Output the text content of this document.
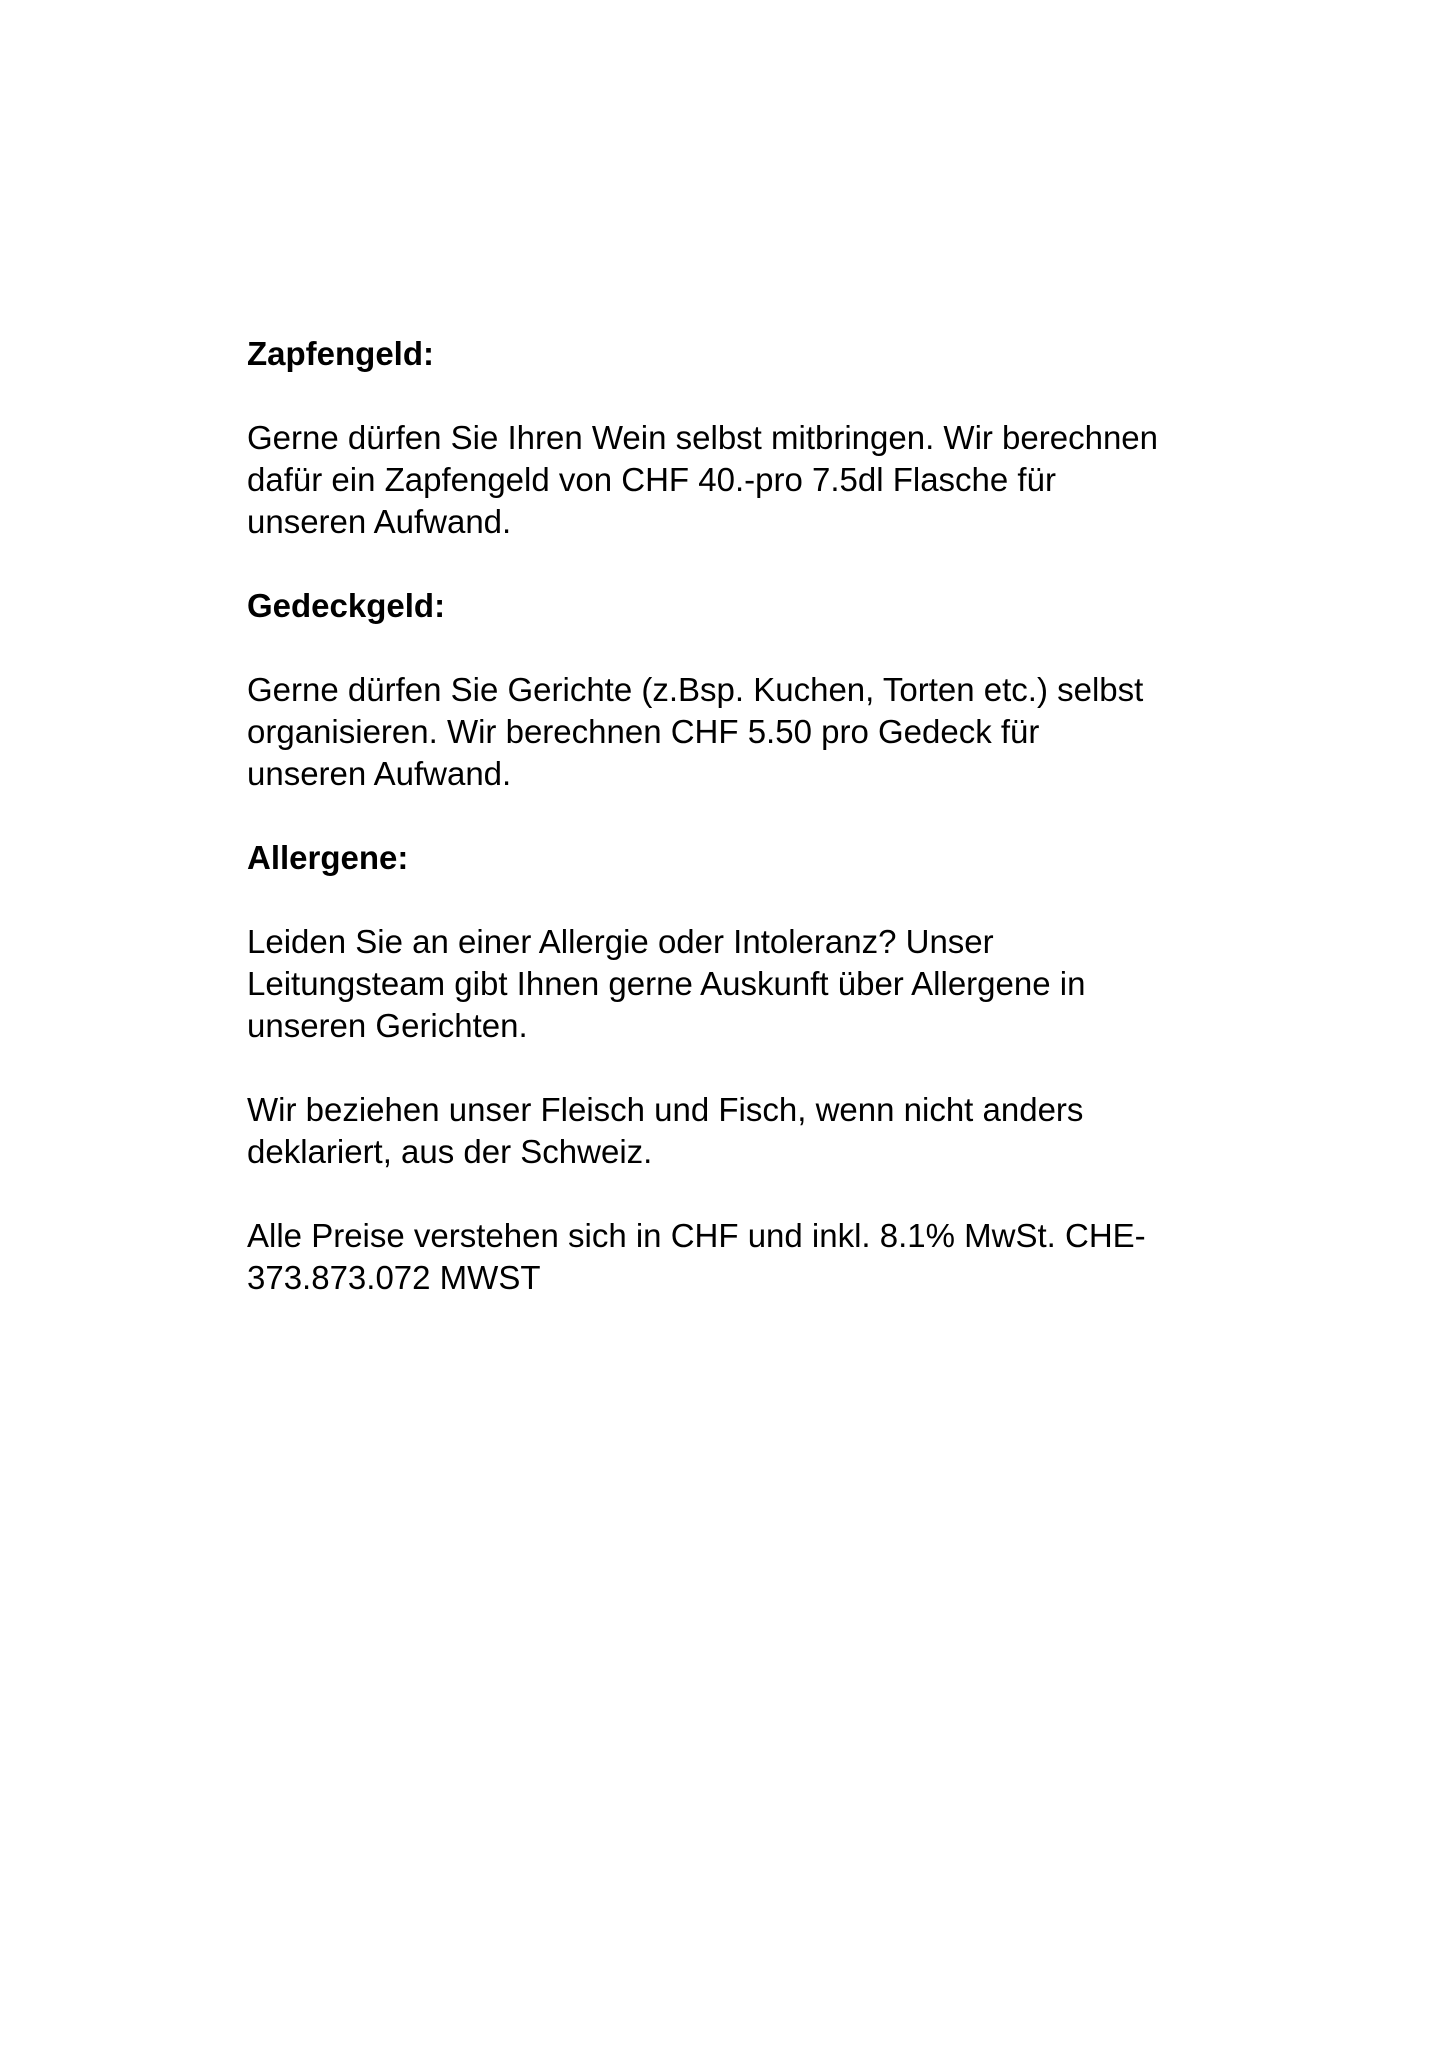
Zapfengeld:
Gerne dürfen Sie Ihren Wein selbst mitbringen. Wir berechnen
dafür ein Zapfengeld von CHF 40.-pro 7.5dl Flasche für
unseren Aufwand.
Gedeckgeld:
Gerne dürfen Sie Gerichte (z.Bsp. Kuchen, Torten etc.) selbst
organisieren. Wir berechnen CHF 5.50 pro Gedeck für
unseren Aufwand.
Allergene:
Leiden Sie an einer Allergie oder Intoleranz? Unser
Leitungsteam gibt Ihnen gerne Auskunft über Allergene in
unseren Gerichten.
Wir beziehen unser Fleisch und Fisch, wenn nicht anders
deklariert, aus der Schweiz.
Alle Preise verstehen sich in CHF und inkl. 8.1% MwSt. CHE-
373.873.072 MWST
